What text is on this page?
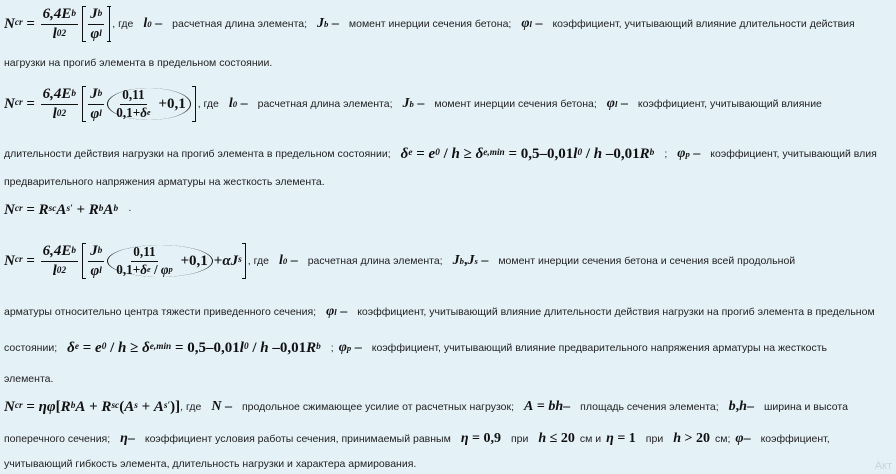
N cr = $\frac{\text{6,4E b}}{l 0 2} \frac{\text{J b}}{\text{φ l}}$ , где l 0 – расчетная длина элемента; J b – момент инерции сечения бетона; φ l – коэффициент, учитывающий влияние длительности действия
нагрузки на прогиб элемента в предельном состоянии.
N cr = $\frac{\text{6,4E b}}{l 0 2} \frac{\text{J b}}{\text{φ l}} \frac{0,11}{\text{0,1+ δ e}} +0,1$ , где l 0 – расчетная длина элемента; J b – момент инерции сечения бетона; φ l – коэффициент, учитывающий влияние
длительности действия нагрузки на прогиб элемента в предельном состоянии; δ e = e 0 / h ≥ δ e,min = 0,5–0,01 l 0 / h –0,01 R b ; φ p – коэффициент, учитывающий влия
предварительного напряжения арматуры на жесткость элемента.
N cr = R sc A s ′ + R b A b ·
N cr = $\frac{\text{6,4E b}}{l 0 2} \frac{\text{J b}}{\text{φ l}} \frac{0,11}{\text{0,1+ δ e / φ p}} +0,1 + \alpha J$ s , где l 0 – расчетная длина элемента; J b , J s – момент инерции сечения бетона и сечения всей продольной
арматуры относительно центра тяжести приведенного сечения; φ l – коэффициент, учитывающий влияние длительности действия нагрузки на прогиб элемента в предельном
состоянии; δ e = e 0 / h ≥ δ e,min = 0,5–0,01 l 0 / h –0,01 R b ; φ p – коэффициент, учитывающий влияние предварительного напряжения арматуры на жесткость
элемента.
N cr = ηφ [ R b A + R sc ( A s + A s ′ )] , где N – продольное сжимающее усилие от расчетных нагрузок; A = bh – площадь сечения элемента; b , h – ширина и высота
поперечного сечения; η – коэффициент условия работы сечения, принимаемый равным η = 0,9 при h ≤ 20 см и η = 1 при h > 20 см; φ – коэффициент,
учитывающий гибкость элемента, длительность нагрузки и характера армирования.	Акт
